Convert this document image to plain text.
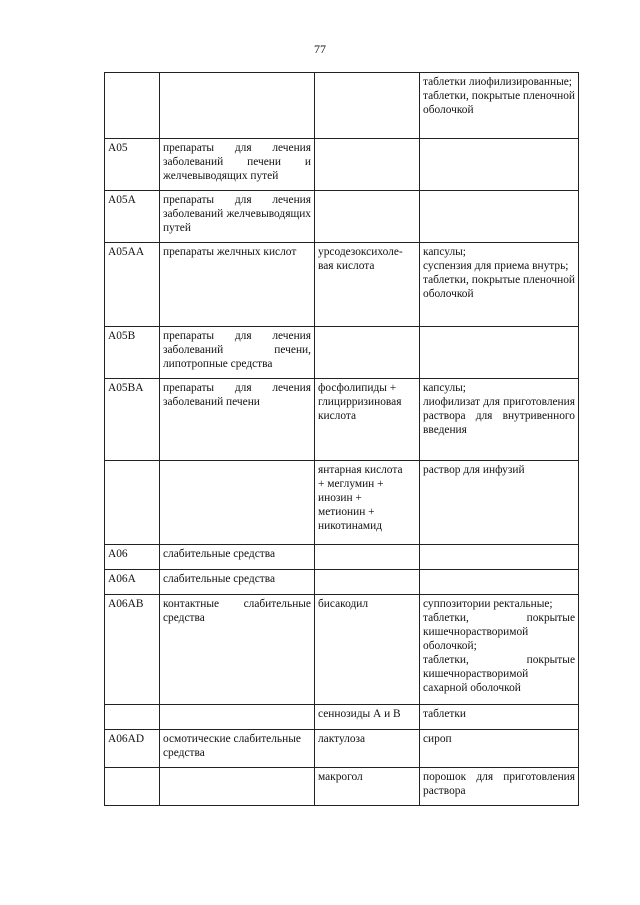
77

			таблетки лиофилизированные;
таблетки, покрытые пленочной оболочкой

A05	препараты для лечения заболеваний печени и желчевыводящих путей		
A05A	препараты для лечения заболеваний желчевыводящих путей		
A05AA	препараты желчных кислот	урсодезоксихоле-
вая кислота	капсулы;
суспензия для приема внутрь;
таблетки, покрытые пленочной оболочкой

A05B	препараты для лечения заболеваний печени, липотропные средства		
A05BA	препараты для лечения заболеваний печени	фосфолипиды +
глицирризиновая
кислота	капсулы;
лиофилизат для приготовления раствора для внутривенного введения

		янтарная кислота
+ меглумин +
инозин +
метионин +
никотинамид	раствор для инфузий

A06	слабительные средства		
A06A	слабительные средства		
A06AB	контактные слабительные средства	бисакодил	суппозитории ректальные;
таблетки, покрытые кишечнорастворимой оболочкой;
таблетки, покрытые кишечнорастворимой сахарной оболочкой

		сеннозиды А и В	таблетки

A06AD	осмотические слабительные средства	лактулоза	сироп

		макрогол	порошок для приготовления раствора
